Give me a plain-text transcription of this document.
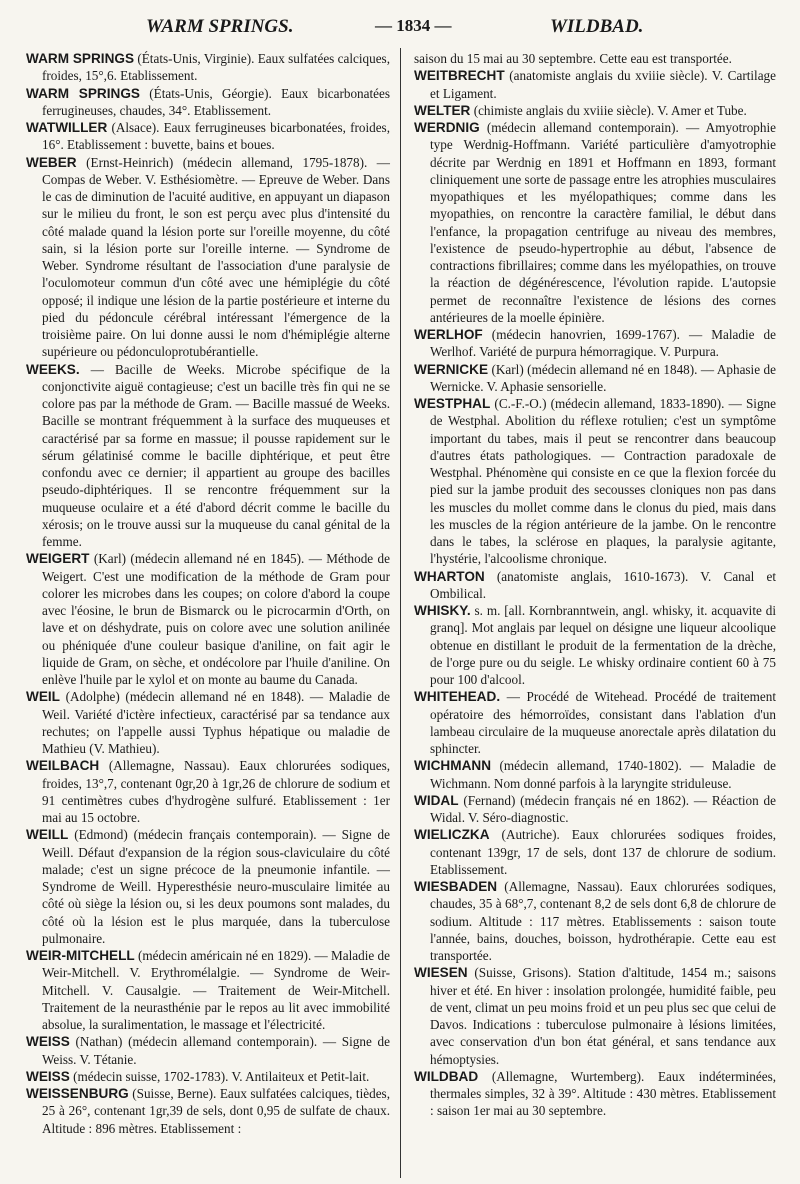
WARM SPRINGS.	— 1834 —	WILDBAD.

WARM SPRINGS (États-Unis, Virginie). Eaux sulfatées calciques, froides, 15°,6. Etablissement.

WARM SPRINGS (États-Unis, Géorgie). Eaux bicarbonatées ferrugineuses, chaudes, 34°. Etablissement.

WATWILLER (Alsace). Eaux ferrugineuses bicarbonatées, froides, 16°. Etablissement : buvette, bains et boues.

WEBER (Ernst-Heinrich) (médecin allemand, 1795-1878). — Compas de Weber. V. Esthésiomètre. — Epreuve de Weber. Dans le cas de diminution de l'acuité auditive, en appuyant un diapason sur le milieu du front, le son est perçu avec plus d'intensité du côté malade quand la lésion porte sur l'oreille moyenne, du côté sain, si la lésion porte sur l'oreille interne. — Syndrome de Weber. Syndrome résultant de l'association d'une paralysie de l'oculomoteur commun d'un côté avec une hémiplégie du côté opposé; il indique une lésion de la partie postérieure et interne du pied du pédoncule cérébral intéressant l'émergence de la troisième paire. On lui donne aussi le nom d'hémiplégie alterne supérieure ou pédonculoprotubérantielle.

WEEKS. — Bacille de Weeks. Microbe spécifique de la conjonctivite aiguë contagieuse; c'est un bacille très fin qui ne se colore pas par la méthode de Gram. — Bacille massué de Weeks. Bacille se montrant fréquemment à la surface des muqueuses et caractérisé par sa forme en massue; il pousse rapidement sur le sérum gélatinisé comme le bacille diphtérique, et peut être confondu avec ce dernier; il appartient au groupe des bacilles pseudo-diphtériques. Il se rencontre fréquemment sur la muqueuse oculaire et a été d'abord décrit comme le bacille du xérosis; on le trouve aussi sur la muqueuse du canal génital de la femme.

WEIGERT (Karl) (médecin allemand né en 1845). — Méthode de Weigert. C'est une modification de la méthode de Gram pour colorer les microbes dans les coupes; on colore d'abord la coupe avec l'éosine, le brun de Bismarck ou le picrocarmin d'Orth, on lave et on déshydrate, puis on colore avec une solution anilinée ou phéniquée d'une couleur basique d'aniline, on fait agir le liquide de Gram, on sèche, et ondécolore par l'huile d'aniline. On enlève l'huile par le xylol et on monte au baume du Canada.

WEIL (Adolphe) (médecin allemand né en 1848). — Maladie de Weil. Variété d'ictère infectieux, caractérisé par sa tendance aux rechutes; on l'appelle aussi Typhus hépatique ou maladie de Mathieu (V. Mathieu).

WEILBACH (Allemagne, Nassau). Eaux chlorurées sodiques, froides, 13°,7, contenant 0gr,20 à 1gr,26 de chlorure de sodium et 91 centimètres cubes d'hydrogène sulfuré. Etablissement : 1er mai au 15 octobre.

WEILL (Edmond) (médecin français contemporain). — Signe de Weill. Défaut d'expansion de la région sous-claviculaire du côté malade; c'est un signe précoce de la pneumonie infantile. — Syndrome de Weill. Hyperesthésie neuro-musculaire limitée au côté où siège la lésion ou, si les deux poumons sont malades, du côté où la lésion est le plus marquée, dans la tuberculose pulmonaire.

WEIR-MITCHELL (médecin américain né en 1829). — Maladie de Weir-Mitchell. V. Erythromélalgie. — Syndrome de Weir-Mitchell. V. Causalgie. — Traitement de Weir-Mitchell. Traitement de la neurasthénie par le repos au lit avec immobilité absolue, la suralimentation, le massage et l'électricité.

WEISS (Nathan) (médecin allemand contemporain). — Signe de Weiss. V. Tétanie.

WEISS (médecin suisse, 1702-1783). V. Antilaiteux et Petit-lait.

WEISSENBURG (Suisse, Berne). Eaux sulfatées calciques, tièdes, 25 à 26°, contenant 1gr,39 de sels, dont 0,95 de sulfate de chaux. Altitude : 896 mètres. Etablissement :

saison du 15 mai au 30 septembre. Cette eau est transportée.

WEITBRECHT (anatomiste anglais du xviiie siècle). V. Cartilage et Ligament.

WELTER (chimiste anglais du xviiie siècle). V. Amer et Tube.

WERDNIG (médecin allemand contemporain). — Amyotrophie type Werdnig-Hoffmann. Variété particulière d'amyotrophie décrite par Werdnig en 1891 et Hoffmann en 1893, formant cliniquement une sorte de passage entre les atrophies musculaires myopathiques et les myélopathiques; comme dans les myopathies, on rencontre la caractère familial, le début dans l'enfance, la propagation centrifuge au niveau des membres, l'existence de pseudo-hypertrophie au début, l'absence de contractions fibrillaires; comme dans les myélopathies, on trouve la réaction de dégénérescence, l'évolution rapide. L'autopsie permet de reconnaître l'existence de lésions des cornes antérieures de la moelle épinière.

WERLHOF (médecin hanovrien, 1699-1767). — Maladie de Werlhof. Variété de purpura hémorragique. V. Purpura.

WERNICKE (Karl) (médecin allemand né en 1848). — Aphasie de Wernicke. V. Aphasie sensorielle.

WESTPHAL (C.-F.-O.) (médecin allemand, 1833-1890). — Signe de Westphal. Abolition du réflexe rotulien; c'est un symptôme important du tabes, mais il peut se rencontrer dans beaucoup d'autres états pathologiques. — Contraction paradoxale de Westphal. Phénomène qui consiste en ce que la flexion forcée du pied sur la jambe produit des secousses cloniques non pas dans les muscles du mollet comme dans le clonus du pied, mais dans les muscles de la région antérieure de la jambe. On le rencontre dans le tabes, la sclérose en plaques, la paralysie agitante, l'hystérie, l'alcoolisme chronique.

WHARTON (anatomiste anglais, 1610-1673). V. Canal et Ombilical.

WHISKY. s. m. [all. Kornbranntwein, angl. whisky, it. acquavite di granq]. Mot anglais par lequel on désigne une liqueur alcoolique obtenue en distillant le produit de la fermentation de la drèche, de l'orge pure ou du seigle. Le whisky ordinaire contient 60 à 75 pour 100 d'alcool.

WHITEHEAD. — Procédé de Witehead. Procédé de traitement opératoire des hémorroïdes, consistant dans l'ablation d'un lambeau circulaire de la muqueuse anorectale après dilatation du sphincter.

WICHMANN (médecin allemand, 1740-1802). — Maladie de Wichmann. Nom donné parfois à la laryngite striduleuse.

WIDAL (Fernand) (médecin français né en 1862). — Réaction de Widal. V. Séro-diagnostic.

WIELICZKA (Autriche). Eaux chlorurées sodiques froides, contenant 139gr, 17 de sels, dont 137 de chlorure de sodium. Etablissement.

WIESBADEN (Allemagne, Nassau). Eaux chlorurées sodiques, chaudes, 35 à 68°,7, contenant 8,2 de sels dont 6,8 de chlorure de sodium. Altitude : 117 mètres. Etablissements : saison toute l'année, bains, douches, boisson, hydrothérapie. Cette eau est transportée.

WIESEN (Suisse, Grisons). Station d'altitude, 1454 m.; saisons hiver et été. En hiver : insolation prolongée, humidité faible, peu de vent, climat un peu moins froid et un peu plus sec que celui de Davos. Indications : tuberculose pulmonaire à lésions limitées, avec conservation d'un bon état général, et sans tendance aux hémoptysies.

WILDBAD (Allemagne, Wurtemberg). Eaux indéterminées, thermales simples, 32 à 39°. Altitude : 430 mètres. Etablissement : saison 1er mai au 30 septembre.
